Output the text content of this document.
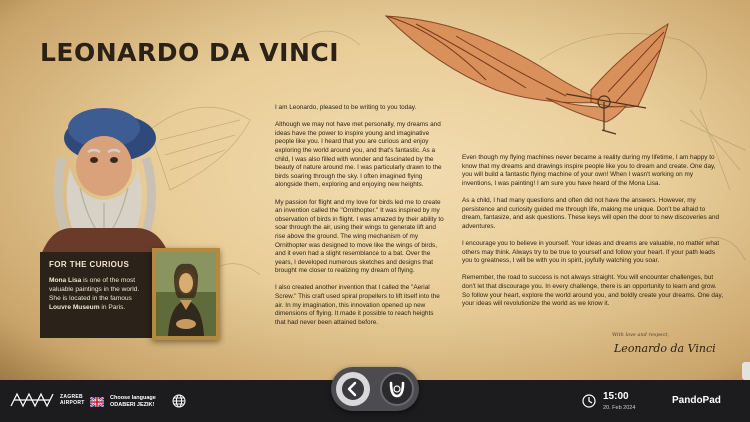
LEONARDO DA VINCI
FOR THE CURIOUS
Mona Lisa is one of the most valuable paintings in the world. She is located in the famous Louvre Museum in Paris.

I am Leonardo, pleased to be writing to you today.

Although we may not have met personally, my dreams and ideas have the power to inspire young and imaginative people like you. I heard that you are curious and enjoy exploring the world around you, and that's fantastic. As a child, I was also filled with wonder and fascinated by the beauty of nature around me. I was particularly drawn to the birds soaring through the sky. I often imagined flying alongside them, exploring and enjoying new heights.

My passion for flight and my love for birds led me to create an invention called the "Ornithopter." It was inspired by my observation of birds in flight. I was amazed by their ability to soar through the air, using their wings to generate lift and rise above the ground. The wing mechanism of my Ornithopter was designed to move like the wings of birds, and it even had a slight resemblance to a bat. Over the years, I developed numerous sketches and designs that brought me closer to realizing my dream of flying.

I also created another invention that I called the "Aerial Screw." This craft used spiral propellers to lift itself into the air. In my imagination, this innovation opened up new dimensions of flying. It made it possible to reach heights that had never been attained before.

Even though my flying machines never became a reality during my lifetime, I am happy to know that my dreams and drawings inspire people like you to dream and create. One day, you will build a fantastic flying machine of your own! When I wasn't working on my inventions, I was painting! I am sure you have heard of the Mona Lisa.

As a child, I had many questions and often did not have the answers. However, my persistence and curiosity guided me through life, making me unique. Don't be afraid to dream, fantasize, and ask questions. These keys will open the door to new discoveries and adventures.

I encourage you to believe in yourself. Your ideas and dreams are valuable, no matter what others may think. Always try to be true to yourself and follow your heart. If your path leads you to greatness, I will be with you in spirit, joyfully watching you soar.

Remember, the road to success is not always straight. You will encounter challenges, but don't let that discourage you. In every challenge, there is an opportunity to learn and grow. So follow your heart, explore the world around you, and boldly create your dreams. One day, your ideas will revolutionize the world as we know it.

With love and respect,
Leonardo da Vinci
ZAGREB
AIRPORT
Choose language
ODABERI JEZIK!
15:00
20. Feb 2024
PandoPad
